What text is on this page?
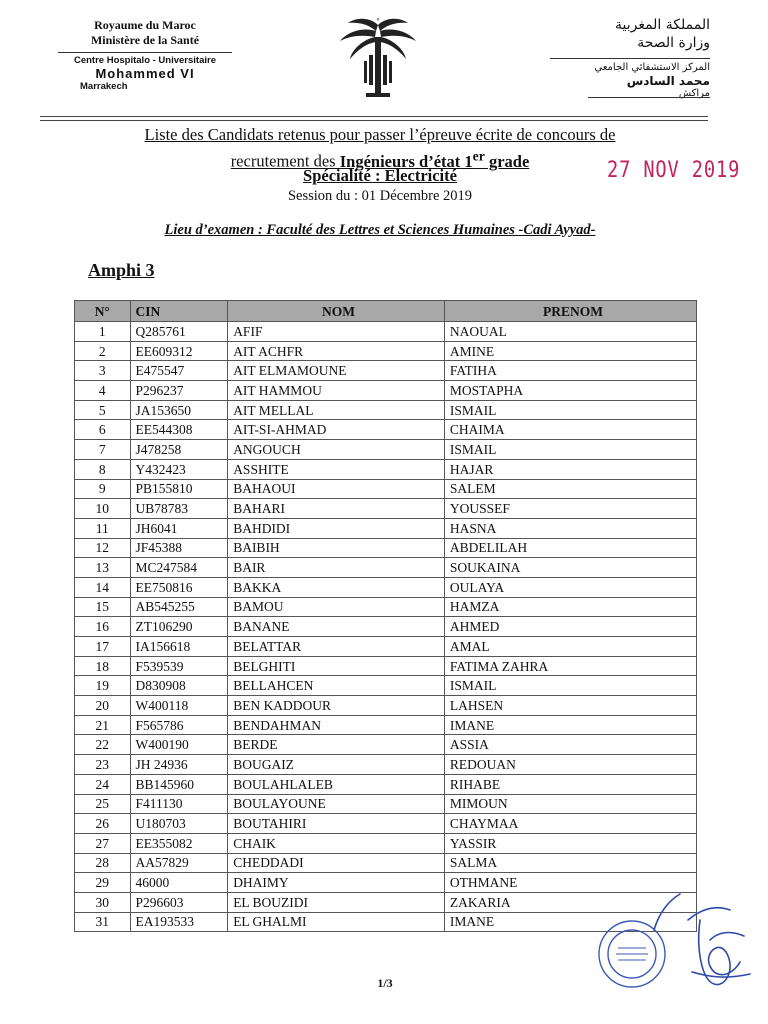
Royaume du Maroc
Ministère de la Santé
Centre Hospitalo - Universitaire
Mohammed VI
Marrakech
المملكة المغربية
وزارة الصحة
المركز الاستشفائي الجامعي
محمد السادس
مراكش
Liste des Candidats retenus pour passer l’épreuve écrite de concours de
recrutement des Ingénieurs d’état 1er grade
Spécialité : Electricité
Session du : 01 Décembre 2019
27 NOV 2019
Lieu d’examen : Faculté des Lettres et Sciences Humaines -Cadi Ayyad-
Amphi 3
N°	CIN	NOM	PRENOM
1	Q285761	AFIF	NAOUAL
2	EE609312	AIT ACHFR	AMINE
3	E475547	AIT ELMAMOUNE	FATIHA
4	P296237	AIT HAMMOU	MOSTAPHA
5	JA153650	AIT MELLAL	ISMAIL
6	EE544308	AIT-SI-AHMAD	CHAIMA
7	J478258	ANGOUCH	ISMAIL
8	Y432423	ASSHITE	HAJAR
9	PB155810	BAHAOUI	SALEM
10	UB78783	BAHARI	YOUSSEF
11	JH6041	BAHDIDI	HASNA
12	JF45388	BAIBIH	ABDELILAH
13	MC247584	BAIR	SOUKAINA
14	EE750816	BAKKA	OULAYA
15	AB545255	BAMOU	HAMZA
16	ZT106290	BANANE	AHMED
17	IA156618	BELATTAR	AMAL
18	F539539	BELGHITI	FATIMA ZAHRA
19	D830908	BELLAHCEN	ISMAIL
20	W400118	BEN KADDOUR	LAHSEN
21	F565786	BENDAHMAN	IMANE
22	W400190	BERDE	ASSIA
23	JH 24936	BOUGAIZ	REDOUAN
24	BB145960	BOULAHLALEB	RIHABE
25	F411130	BOULAYOUNE	MIMOUN
26	U180703	BOUTAHIRI	CHAYMAA
27	EE355082	CHAIK	YASSIR
28	AA57829	CHEDDADI	SALMA
29	46000	DHAIMY	OTHMANE
30	P296603	EL BOUZIDI	ZAKARIA
31	EA193533	EL GHALMI	IMANE
1/3
